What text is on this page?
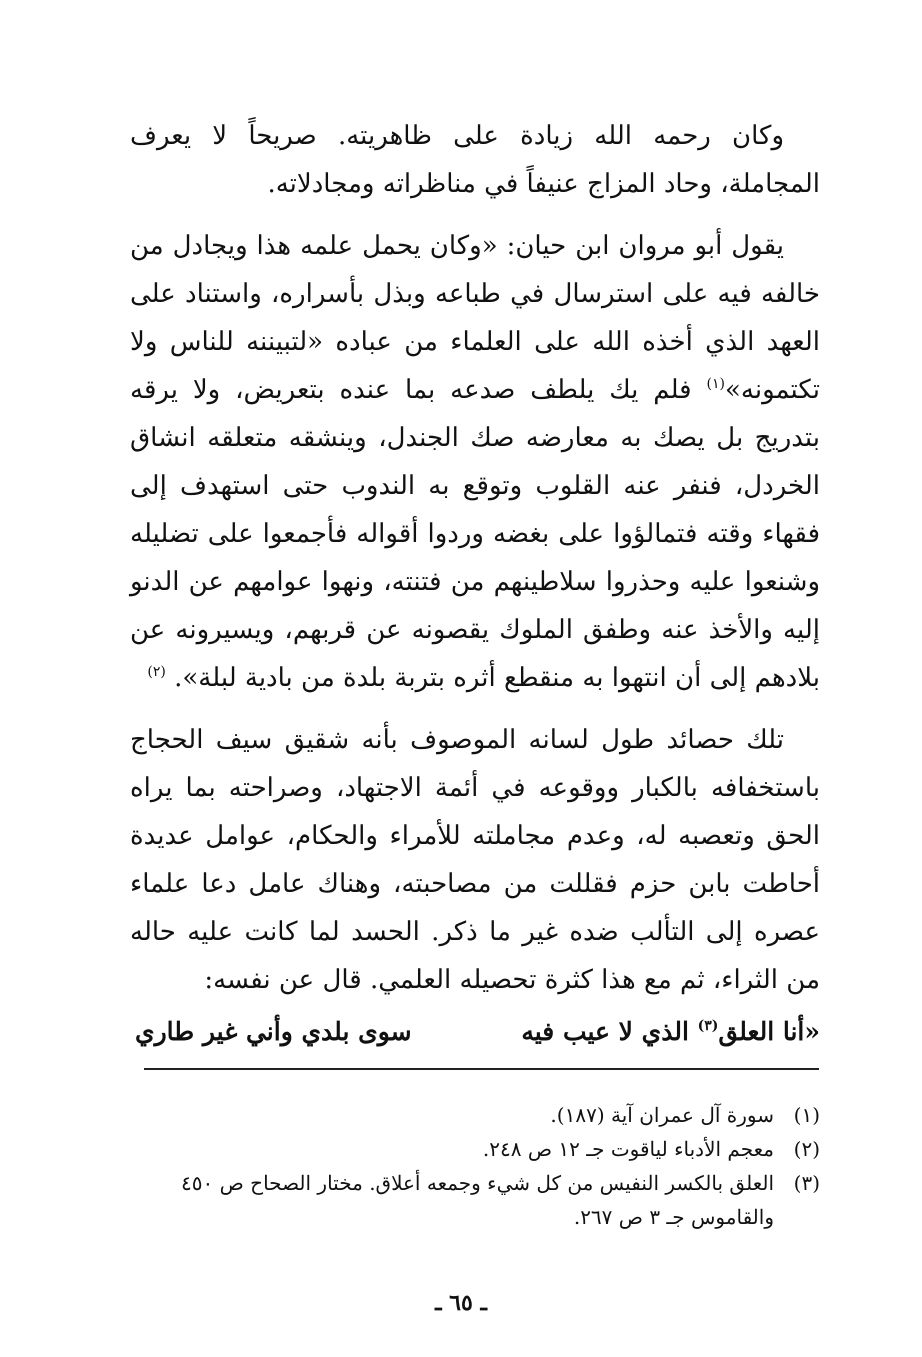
وكان رحمه الله زيادة على ظاهريته. صريحاً لا يعرف المجاملة، وحاد المزاج عنيفاً في مناظراته ومجادلاته.

يقول أبو مروان ابن حيان: «وكان يحمل علمه هذا ويجادل من خالفه فيه على استرسال في طباعه وبذل بأسراره، واستناد على العهد الذي أخذه الله على العلماء من عباده «لتبيننه للناس ولا تكتمونه»$^{(١)}$ فلم يك يلطف صدعه بما عنده بتعريض، ولا يرقه بتدريج بل يصك به معارضه صك الجندل، وينشقه متعلقه انشاق الخردل، فنفر عنه القلوب وتوقع به الندوب حتى استهدف إلى فقهاء وقته فتمالؤوا على بغضه وردوا أقواله فأجمعوا على تضليله وشنعوا عليه وحذروا سلاطينهم من فتنته، ونهوا عوامهم عن الدنو إليه والأخذ عنه وطفق الملوك يقصونه عن قربهم، ويسيرونه عن بلادهم إلى أن انتهوا به منقطع أثره بتربة بلدة من بادية لبلة». $^{(٢)}$

تلك حصائد طول لسانه الموصوف بأنه شقيق سيف الحجاج باستخفافه بالكبار ووقوعه في أئمة الاجتهاد، وصراحته بما يراه الحق وتعصبه له، وعدم مجاملته للأمراء والحكام، عوامل عديدة أحاطت بابن حزم فقللت من مصاحبته، وهناك عامل دعا علماء عصره إلى التألب ضده غير ما ذكر. الحسد لما كانت عليه حاله من الثراء، ثم مع هذا كثرة تحصيله العلمي. قال عن نفسه:

«أنا العلق$^{(٣)}$ الذي لا عيب فيه
سوى بلدي وأني غير طاري

(١)
سورة آل عمران آية (١٨٧).

(٢)
معجم الأدباء لياقوت جـ ١٢ ص ٢٤٨.

(٣)
العلق بالكسر النفيس من كل شيء وجمعه أعلاق. مختار الصحاح ص ٤٥٠ والقاموس جـ ٣ ص ٢٦٧.

ـ ٦٥ ـ
